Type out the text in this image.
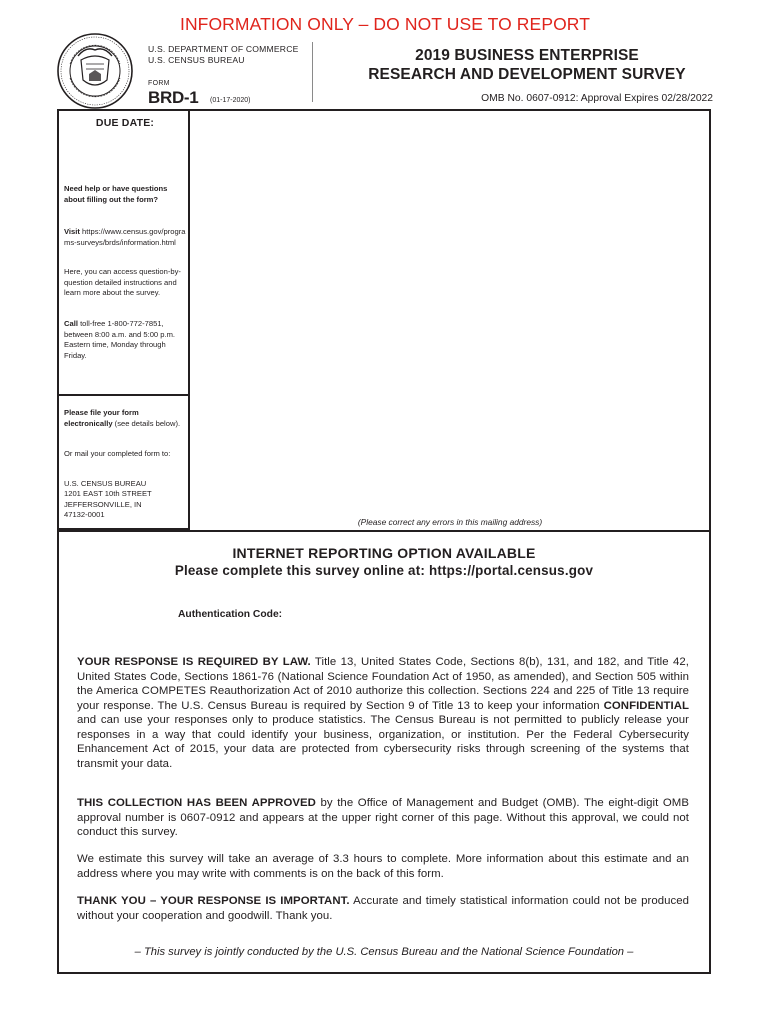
INFORMATION ONLY – DO NOT USE TO REPORT
U.S. DEPARTMENT OF COMMERCE
U.S. CENSUS BUREAU
FORM
BRD-1 (01-17-2020)
2019 BUSINESS ENTERPRISE
RESEARCH AND DEVELOPMENT SURVEY
OMB No. 0607-0912: Approval Expires 02/28/2022
DUE DATE:
Need help or have questions about filling out the form?
Visit https://www.census.gov/programs-surveys/brds/information.html
Here, you can access question-by-question detailed instructions and learn more about the survey.
Call toll-free 1-800-772-7851, between 8:00 a.m. and 5:00 p.m. Eastern time, Monday through Friday.
Please file your form electronically (see details below).
Or mail your completed form to:
U.S. CENSUS BUREAU
1201 EAST 10th STREET
JEFFERSONVILLE, IN
47132-0001
(Please correct any errors in this mailing address)
INTERNET REPORTING OPTION AVAILABLE
Please complete this survey online at: https://portal.census.gov
Authentication Code:
YOUR RESPONSE IS REQUIRED BY LAW. Title 13, United States Code, Sections 8(b), 131, and 182, and Title 42, United States Code, Sections 1861-76 (National Science Foundation Act of 1950, as amended), and Section 505 within the America COMPETES Reauthorization Act of 2010 authorize this collection. Sections 224 and 225 of Title 13 require your response. The U.S. Census Bureau is required by Section 9 of Title 13 to keep your information CONFIDENTIAL and can use your responses only to produce statistics. The Census Bureau is not permitted to publicly release your responses in a way that could identify your business, organization, or institution. Per the Federal Cybersecurity Enhancement Act of 2015, your data are protected from cybersecurity risks through screening of the systems that transmit your data.
THIS COLLECTION HAS BEEN APPROVED by the Office of Management and Budget (OMB). The eight-digit OMB approval number is 0607-0912 and appears at the upper right corner of this page. Without this approval, we could not conduct this survey.
We estimate this survey will take an average of 3.3 hours to complete. More information about this estimate and an address where you may write with comments is on the back of this form.
THANK YOU – YOUR RESPONSE IS IMPORTANT. Accurate and timely statistical information could not be produced without your cooperation and goodwill. Thank you.
– This survey is jointly conducted by the U.S. Census Bureau and the National Science Foundation –
